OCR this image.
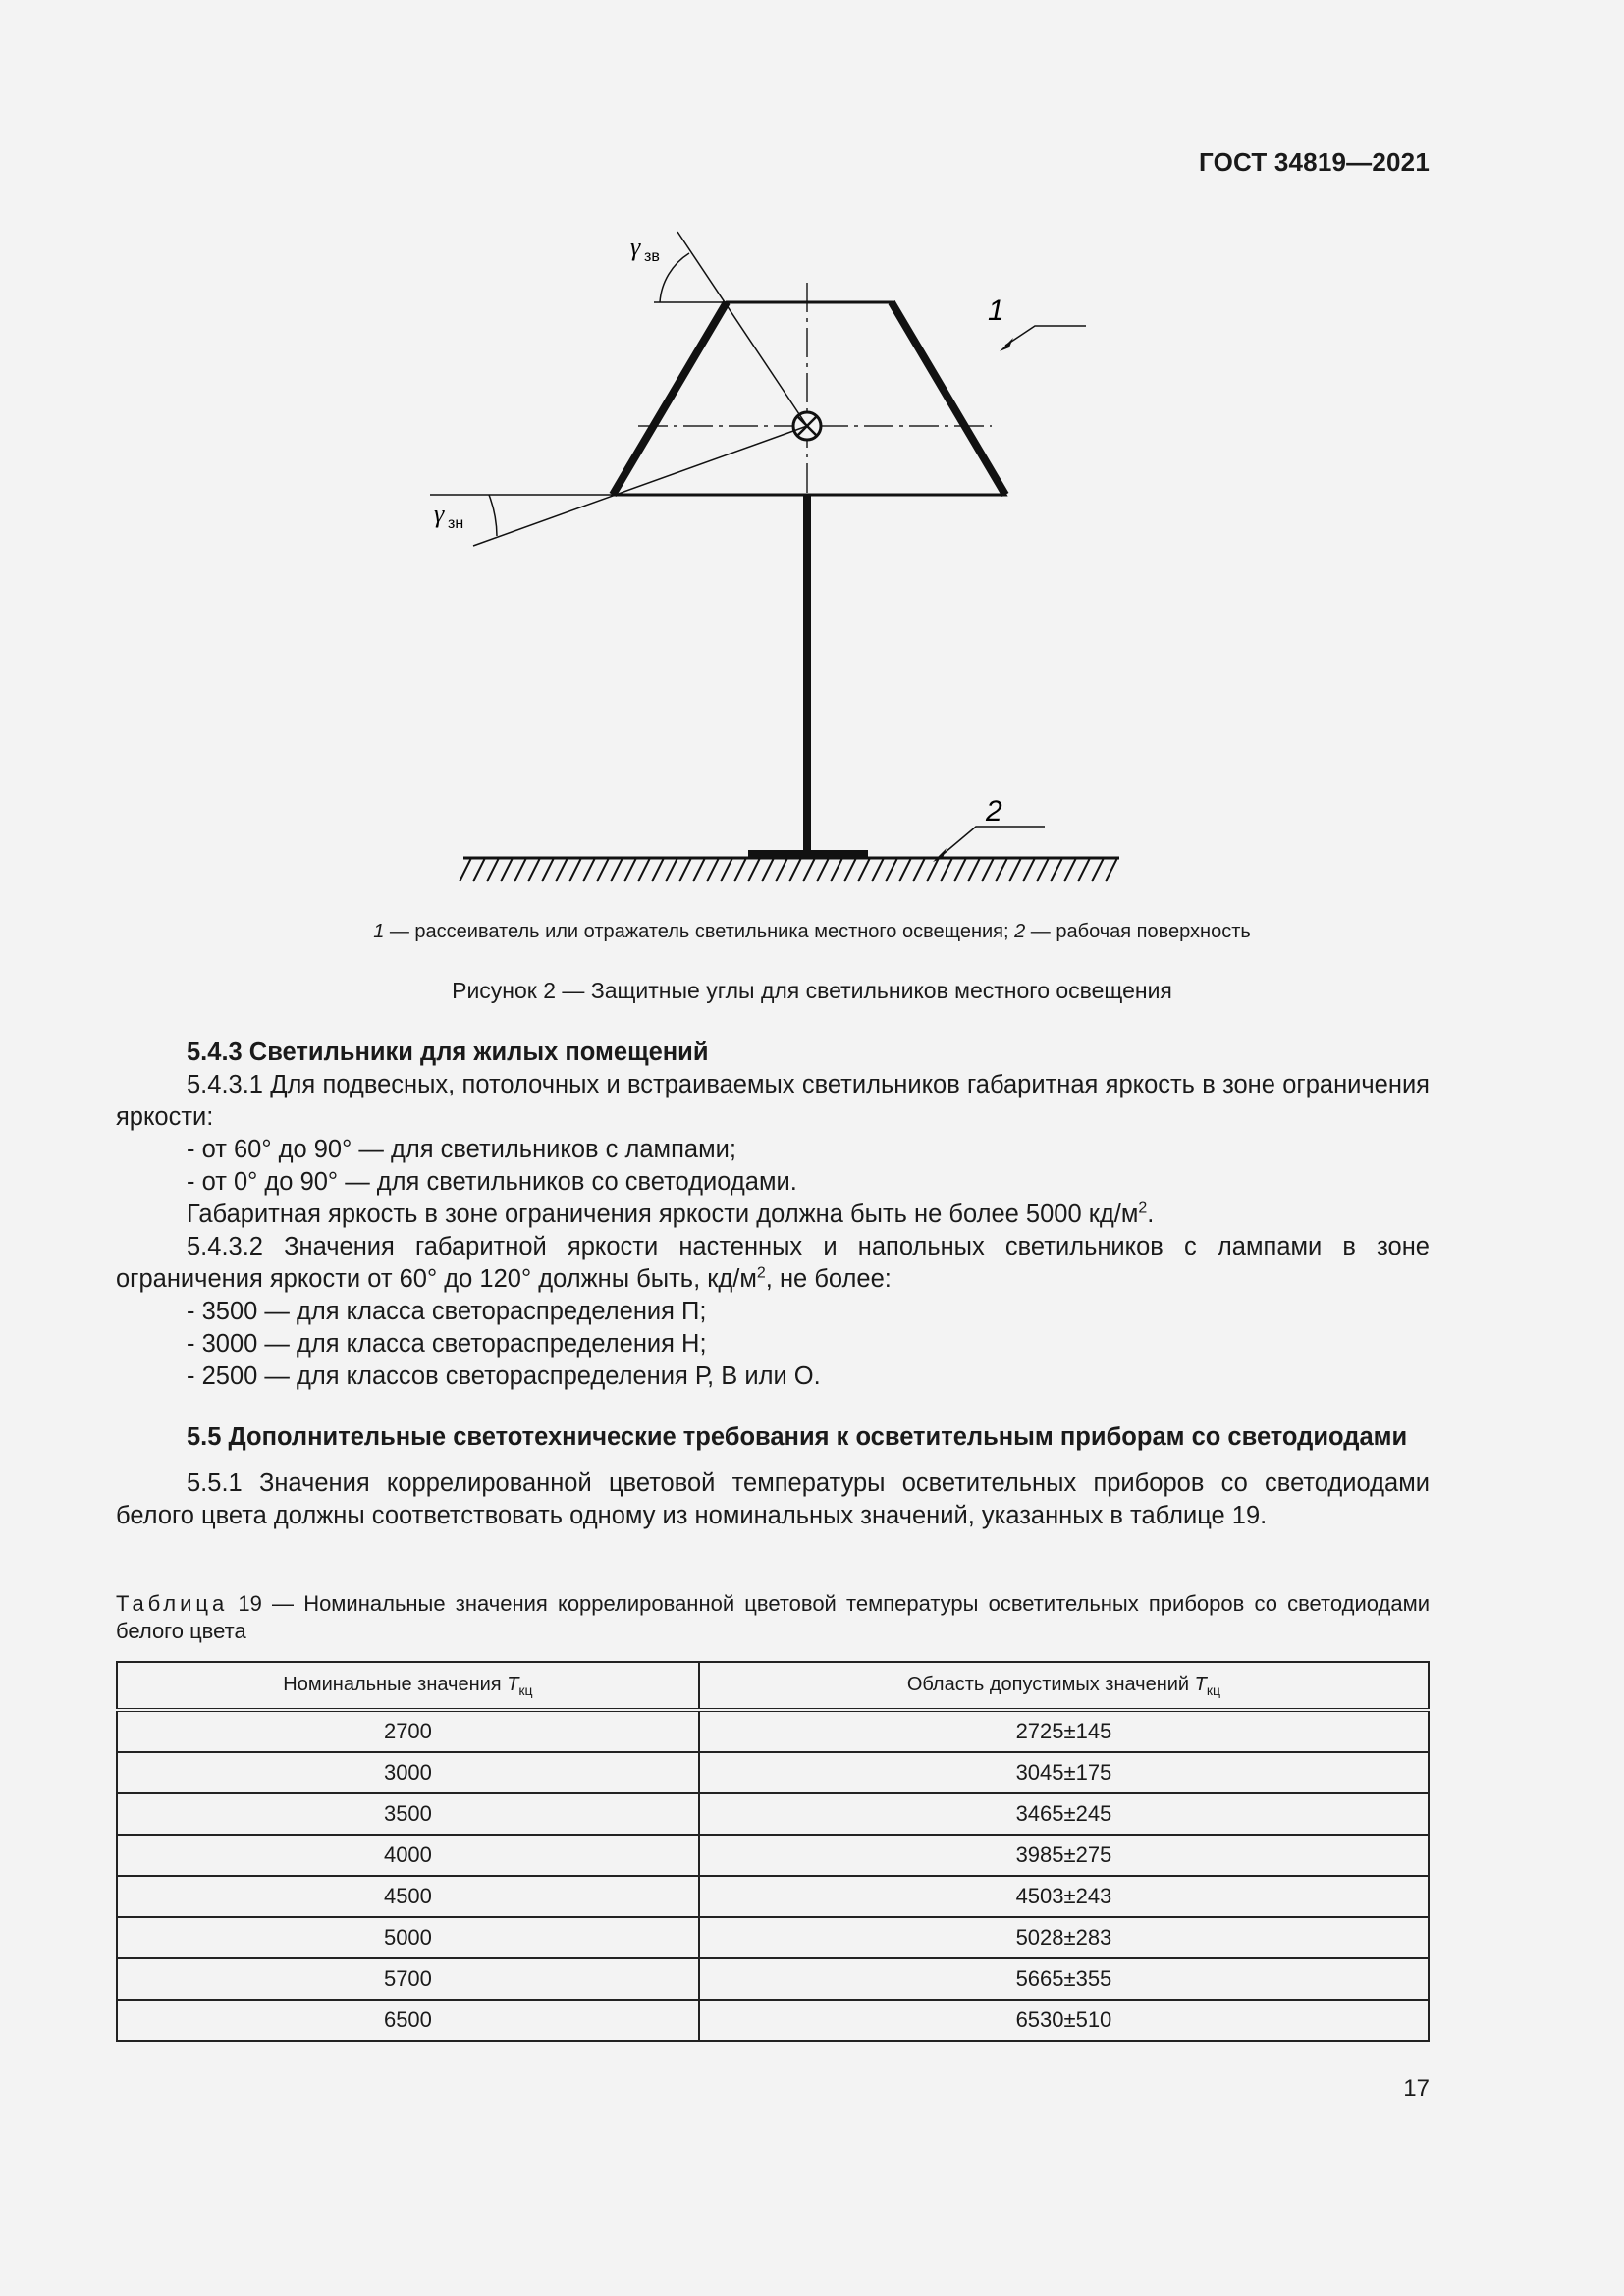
ГОСТ 34819—2021
γ зв
γ зн
1
2
1 — рассеиватель или отражатель светильника местного освещения; 2 — рабочая поверхность
Рисунок 2 — Защитные углы для светильников местного освещения
5.4.3 Светильники для жилых помещений
5.4.3.1 Для подвесных, потолочных и встраиваемых светильников габаритная яркость в зоне ограничения яркости:
- от 60° до 90° — для светильников с лампами;
- от 0° до 90° — для светильников со светодиодами.
Габаритная яркость в зоне ограничения яркости должна быть не более 5000 $кд/м^2$.
5.4.3.2 Значения габаритной яркости настенных и напольных светильников с лампами в зоне ограничения яркости от 60° до 120° должны быть, $кд/м^2$, не более:
- 3500 — для класса светораспределения П;
- 3000 — для класса светораспределения Н;
- 2500 — для классов светораспределения Р, В или О.
5.5 Дополнительные светотехнические требования к осветительным приборам со светодиодами
5.5.1 Значения коррелированной цветовой температуры осветительных приборов со светодиодами белого цвета должны соответствовать одному из номинальных значений, указанных в таблице 19.
Таблица 19 — Номинальные значения коррелированной цветовой температуры осветительных приборов со светодиодами белого цвета
Номинальные значения $T_{кц}$	Область допустимых значений $T_{кц}$
2700	2725±145
3000	3045±175
3500	3465±245
4000	3985±275
4500	4503±243
5000	5028±283
5700	5665±355
6500	6530±510
17
